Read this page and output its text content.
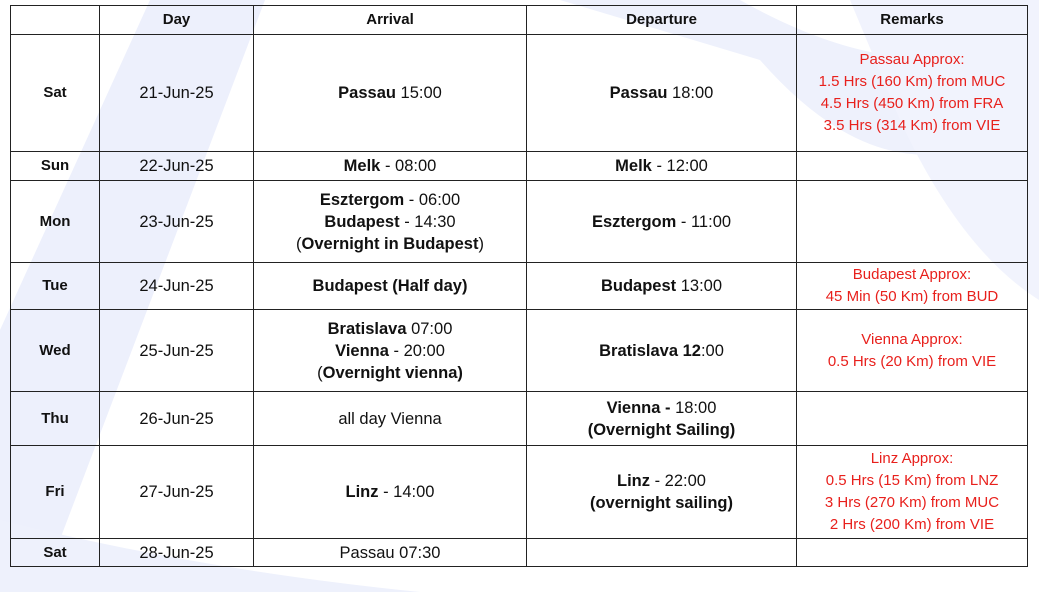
	Day	Arrival	Departure	Remarks
Sat	21-Jun-25	Passau 15:00	Passau 18:00	Passau Approx:
1.5 Hrs (160 Km) from MUC
4.5 Hrs (450 Km) from FRA
3.5 Hrs (314 Km) from VIE

Sun	22-Jun-25	Melk - 08:00	Melk - 12:00	

Mon	23-Jun-25	Esztergom - 06:00
Budapest - 14:30
(Overnight in Budapest)	Esztergom - 11:00	

Tue	24-Jun-25	Budapest (Half day)	Budapest 13:00	Budapest Approx:
45 Min (50 Km) from BUD

Wed	25-Jun-25	Bratislava 07:00
Vienna - 20:00
(Overnight vienna)	Bratislava 12:00	Vienna Approx:
0.5 Hrs (20 Km) from VIE

Thu	26-Jun-25	all day Vienna	Vienna - 18:00
(Overnight Sailing)	

Fri	27-Jun-25	Linz - 14:00	Linz - 22:00
(overnight sailing)	Linz Approx:
0.5 Hrs (15 Km) from LNZ
3 Hrs (270 Km) from MUC
2 Hrs (200 Km) from VIE

Sat	28-Jun-25	Passau 07:30		
